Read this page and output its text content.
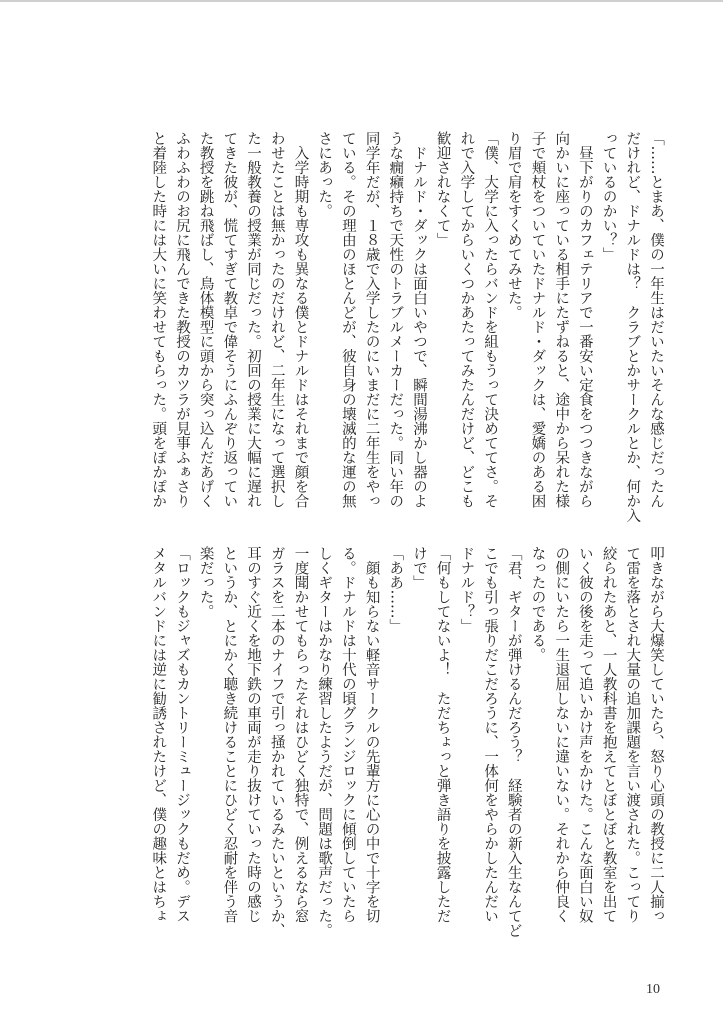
「……とまあ、僕の一年生はだいたいそんな感じだったん
だけれど、ドナルドは？　クラブとかサークルとか、何か入
っているのかい？」
　昼下がりのカフェテリアで一番安い定食をつつきながら
向かいに座っている相手にたずねると、途中から呆れた様
子で頬杖をついていたドナルド・ダックは、愛嬌のある困
り眉で肩をすくめてみせた。
「僕、大学に入ったらバンドを組もうって決めててさ。そ
れで入学してからいくつかあたってみたんだけど、どこも
歓迎されなくて」
　ドナルド・ダックは面白いやつで、瞬間湯沸かし器のよ
うな癇癪持ちで天性のトラブルメーカーだった。同い年の
同学年だが、１８歳で入学したのにいまだに二年生をやっ
ている。その理由のほとんどが、彼自身の壊滅的な運の無
さにあった。
　入学時期も専攻も異なる僕とドナルドはそれまで顔を合
わせたことは無かったのだけれど、二年生になって選択し
た一般教養の授業が同じだった。初回の授業に大幅に遅れ
てきた彼が、慌てすぎて教卓で偉そうにふんぞり返ってい
た教授を跳ね飛ばし、鳥体模型に頭から突っ込んだあげく
ふわふわのお尻に飛んできた教授のカツラが見事ふぁさり
と着陸した時には大いに笑わせてもらった。頭をぽかぽか
叩きながら大爆笑していたら、怒り心頭の教授に二人揃っ
て雷を落とされ大量の追加課題を言い渡された。こってり
絞られたあと、一人教科書を抱えてとぼとぼと教室を出て
いく彼の後を走って追いかけ声をかけた。こんな面白い奴
の側にいたら一生退屈しないに違いない。それから仲良く
なったのである。
「君、ギターが弾けるんだろう？　経験者の新入生なんてど
こでも引っ張りだこだろうに、一体何をやらかしたんだい
ドナルド？」
「何もしてないよ！　ただちょっと弾き語りを披露しただ
けで」
「ああ……」
　顔も知らない軽音サークルの先輩方に心の中で十字を切
る。ドナルドは十代の頃グランジロックに傾倒していたら
しくギターはかなり練習したようだが、問題は歌声だった。
一度聞かせてもらったそれはひどく独特で、例えるなら窓
ガラスを二本のナイフで引っ掻かれているみたいというか、
耳のすぐ近くを地下鉄の車両が走り抜けていった時の感じ
というか、とにかく聴き続けることにひどく忍耐を伴う音
楽だった。
「ロックもジャズもカントリーミュージックもだめ。デス
メタルバンドには逆に勧誘されたけど、僕の趣味とはちょ
10
